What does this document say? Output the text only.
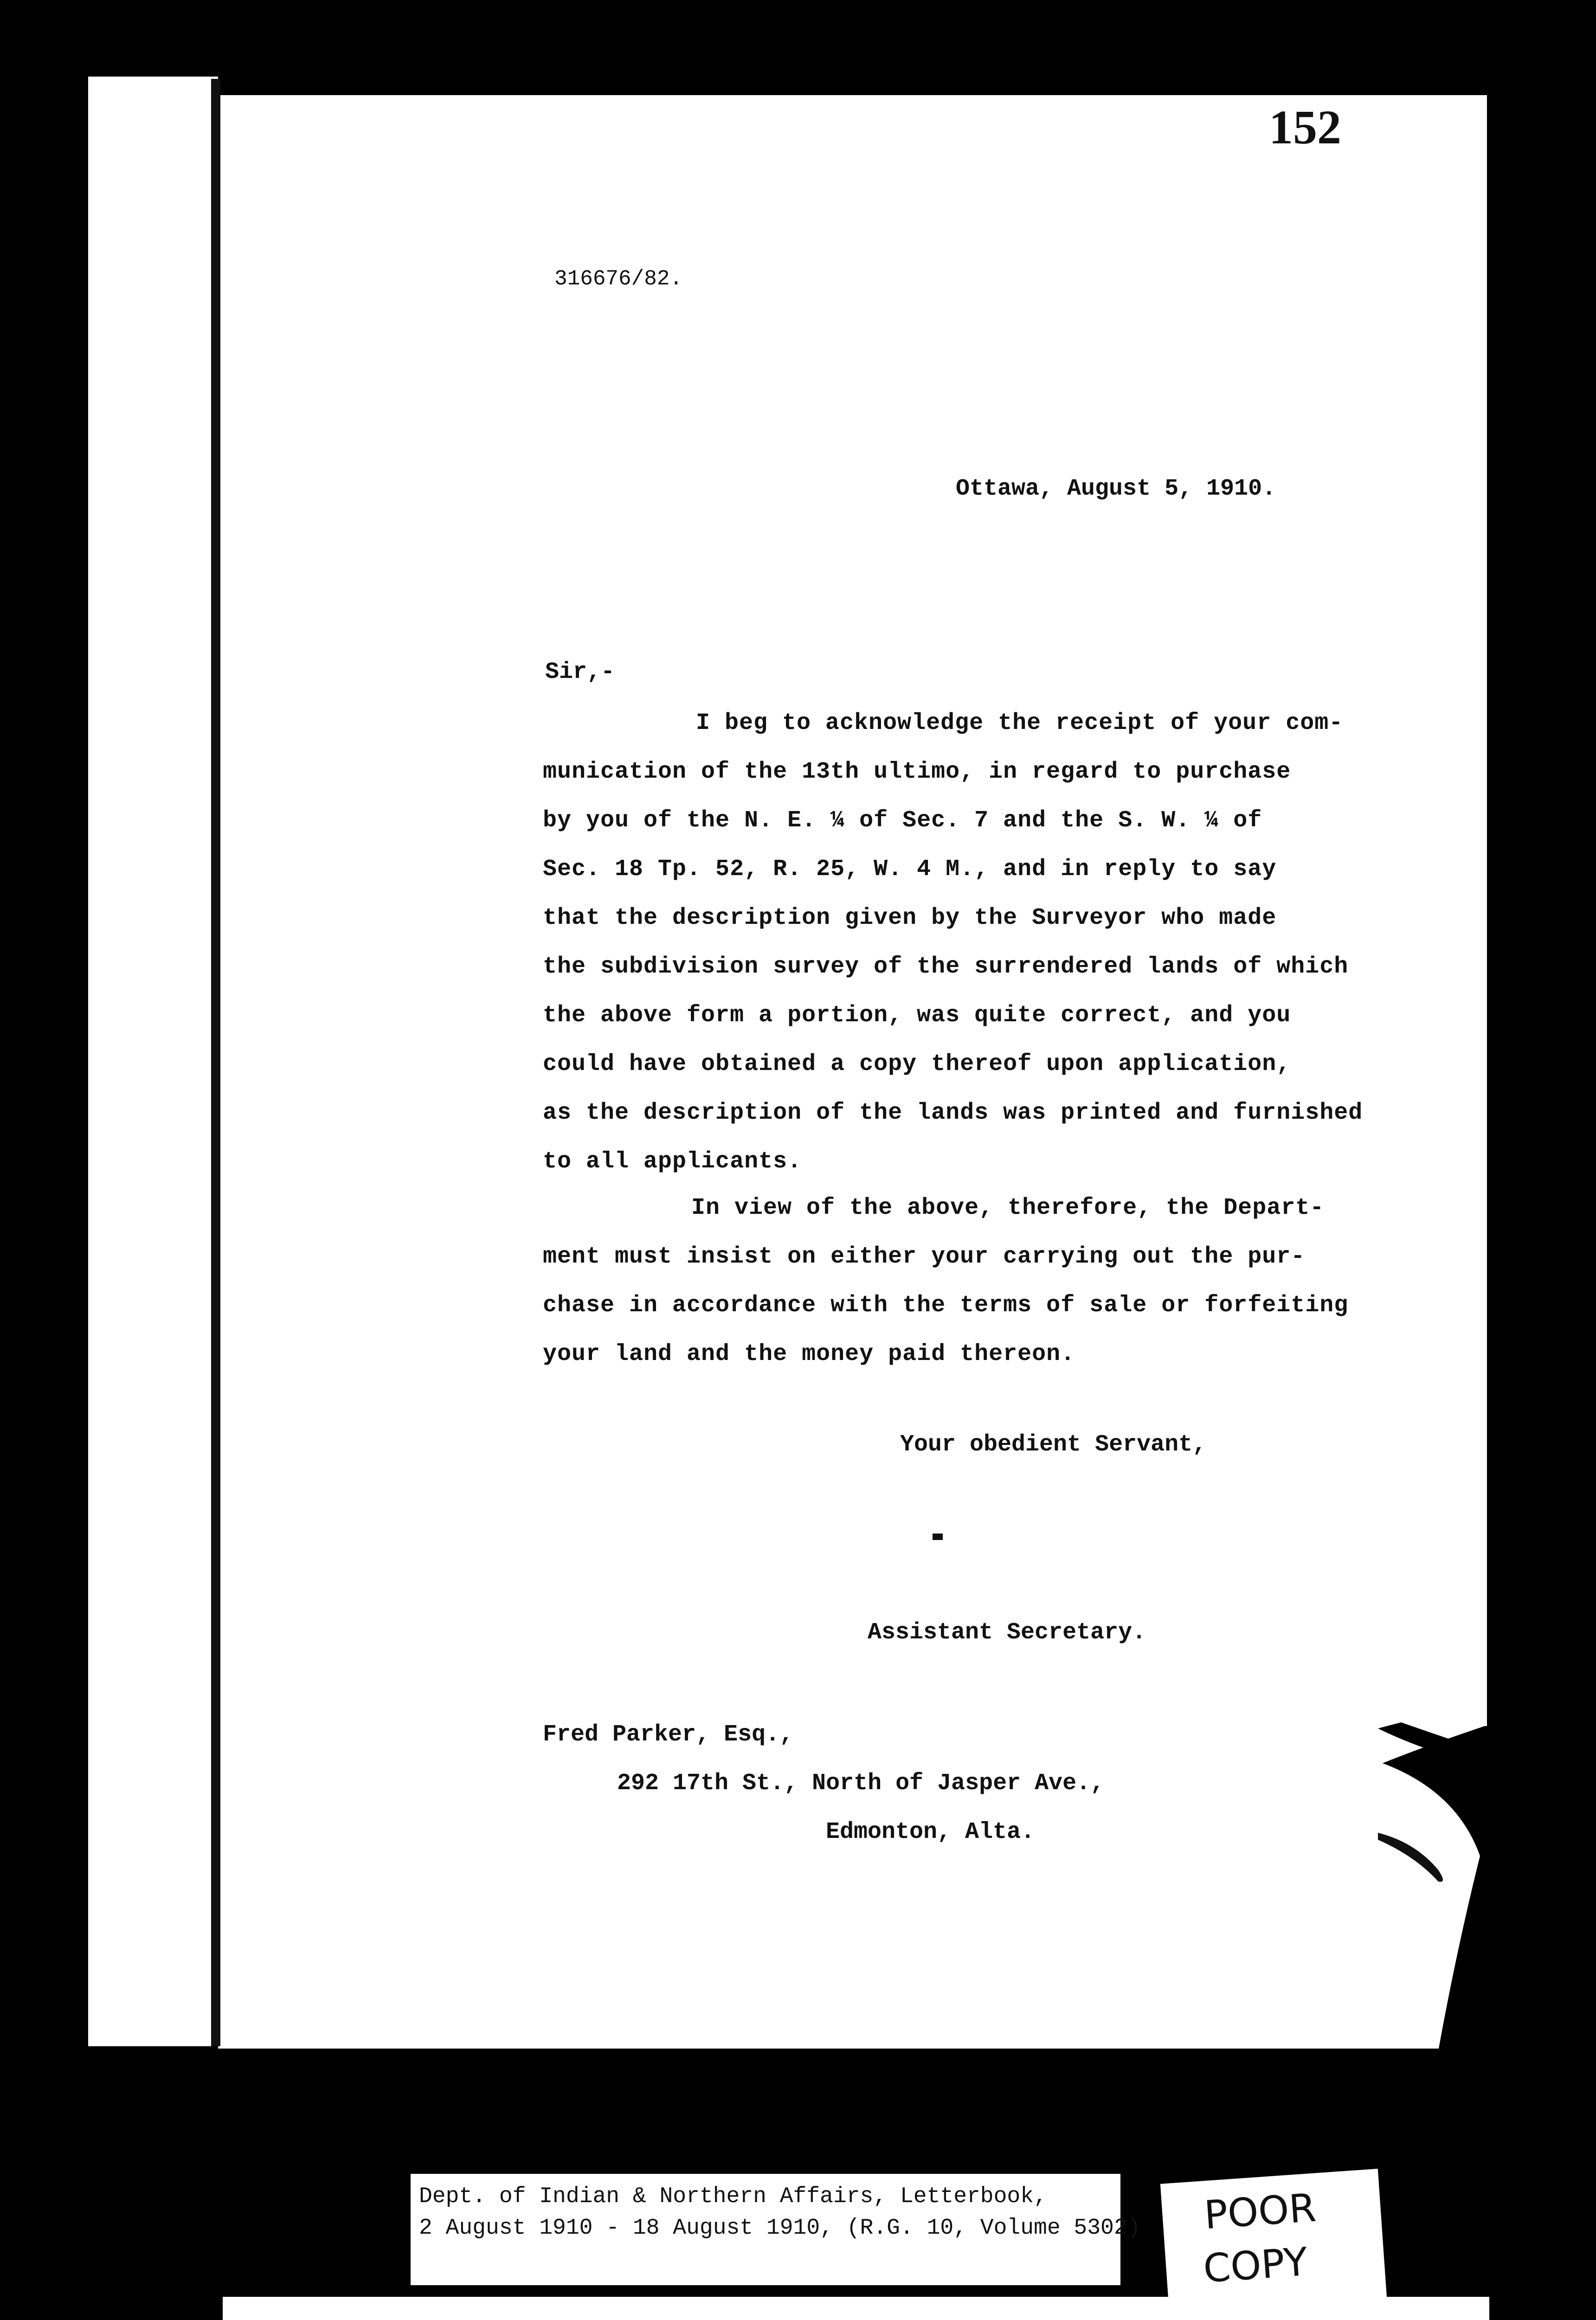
152
316676/82.
Ottawa, August 5, 1910.
Sir,-
I beg to acknowledge the receipt of your com-
munication of the 13th ultimo, in regard to purchase
by you of the N. E. ¼ of Sec. 7 and the S. W. ¼ of
Sec. 18 Tp. 52, R. 25, W. 4 M., and in reply to say
that the description given by the Surveyor who made
the subdivision survey of the surrendered lands of which
the above form a portion, was quite correct, and you
could have obtained a copy thereof upon application,
as the description of the lands was printed and furnished
to all applicants.
In view of the above, therefore, the Depart-
ment must insist on either your carrying out the pur-
chase in accordance with the terms of sale or forfeiting
your land and the money paid thereon.
Your obedient Servant,
Assistant Secretary.
Fred Parker, Esq.,
292 17th St., North of Jasper Ave.,
Edmonton, Alta.
Dept. of Indian & Northern Affairs, Letterbook,
2 August 1910 - 18 August 1910, (R.G. 10, Volume 5302) POOR
COPY
